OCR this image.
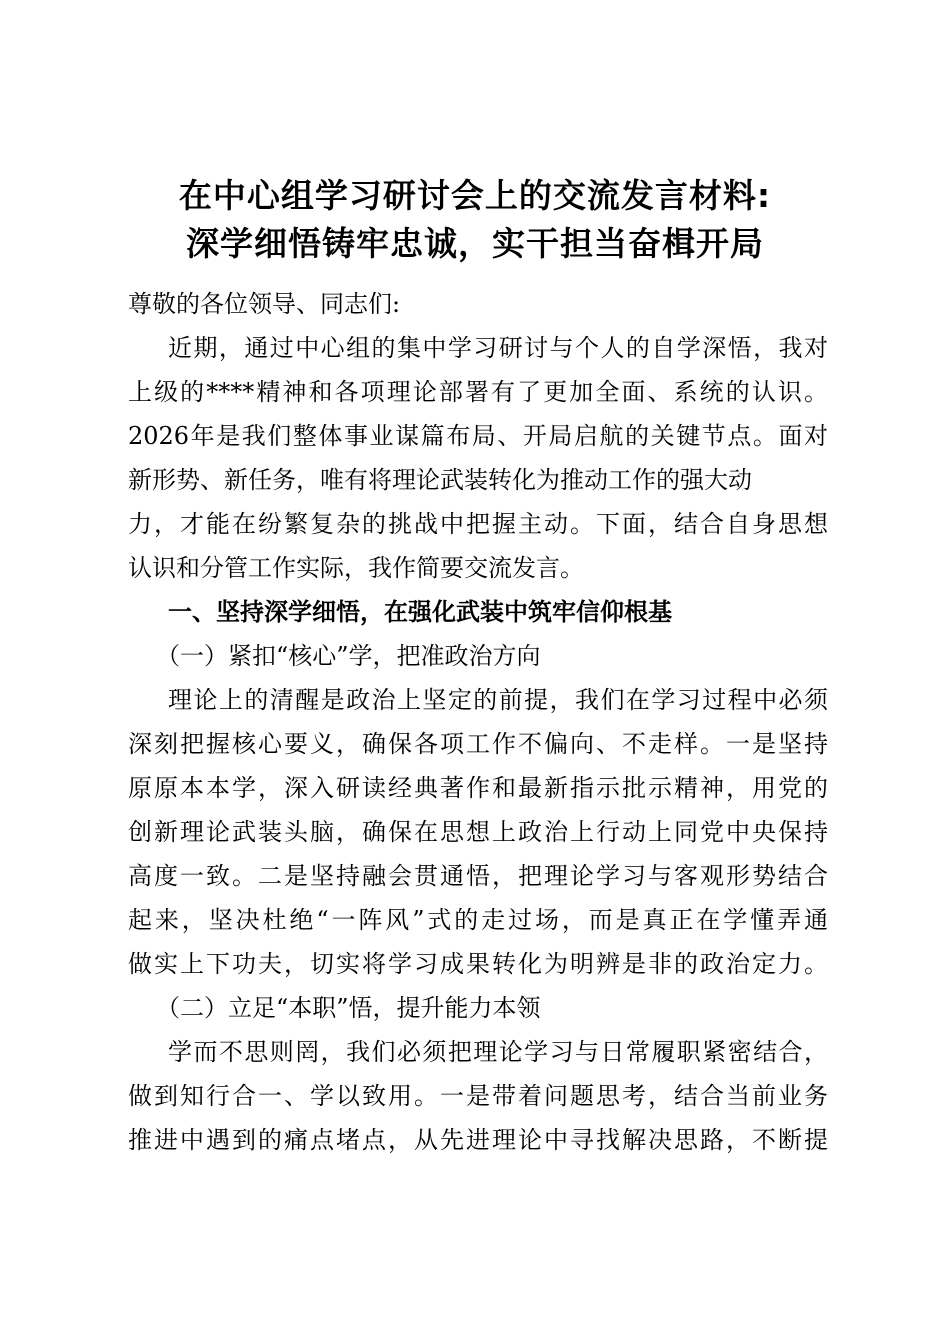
在中心组学习研讨会上的交流发言材料:
深学细悟铸牢忠诚，实干担当奋楫开局
尊敬的各位领导、同志们:
近期，通过中心组的集中学习研讨与个人的自学深悟，我对
上级的****精神和各项理论部署有了更加全面、系统的认识。
2026年是我们整体事业谋篇布局、开局启航的关键节点。面对
新形势、新任务，唯有将理论武装转化为推动工作的强大动
力，才能在纷繁复杂的挑战中把握主动。下面，结合自身思想
认识和分管工作实际，我作简要交流发言。
一、坚持深学细悟，在强化武装中筑牢信仰根基
（一）紧扣“核心”学，把准政治方向
理论上的清醒是政治上坚定的前提，我们在学习过程中必须
深刻把握核心要义，确保各项工作不偏向、不走样。一是坚持
原原本本学，深入研读经典著作和最新指示批示精神，用党的
创新理论武装头脑，确保在思想上政治上行动上同党中央保持
高度一致。二是坚持融会贯通悟，把理论学习与客观形势结合
起来，坚决杜绝“一阵风”式的走过场，而是真正在学懂弄通
做实上下功夫，切实将学习成果转化为明辨是非的政治定力。
（二）立足“本职”悟，提升能力本领
学而不思则罔，我们必须把理论学习与日常履职紧密结合，
做到知行合一、学以致用。一是带着问题思考，结合当前业务
推进中遇到的痛点堵点，从先进理论中寻找解决思路，不断提
